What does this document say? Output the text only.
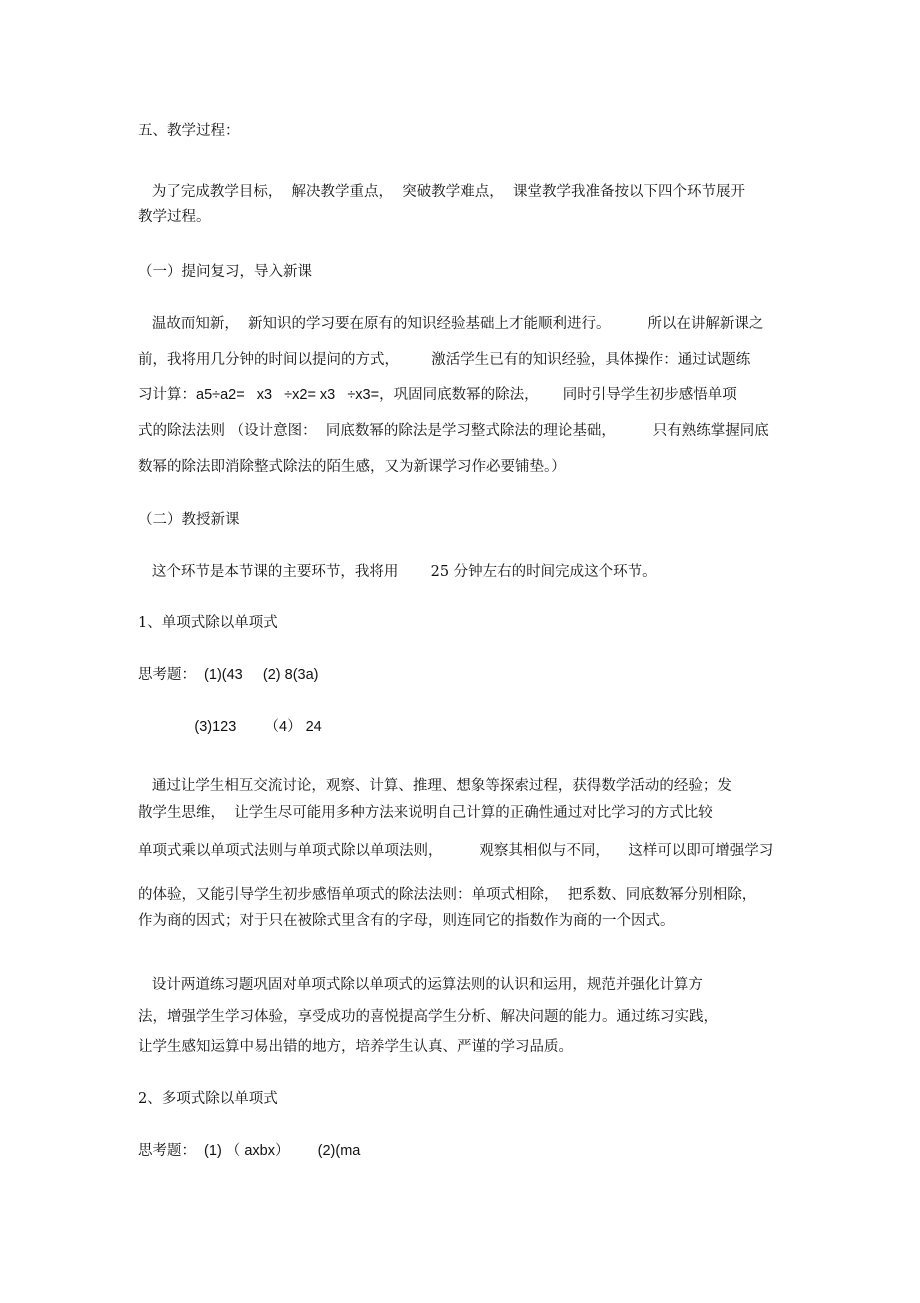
五、教学过程：

为了完成教学目标，  解决教学重点，  突破教学难点，  课堂教学我准备按以下四个环节展开

教学过程。

（一）提问复习，导入新课

温故而知新，  新知识的学习要在原有的知识经验基础上才能顺利进行。        所以在讲解新课之

前，我将用几分钟的时间以提问的方式，       激活学生已有的知识经验，具体操作：通过试题练

习计算：a5÷a2=   x3   ÷x2= x3   ÷x3=，巩固同底数幂的除法，      同时引导学生初步感悟单项

式的除法法则 （设计意图：  同底数幂的除法是学习整式除法的理论基础，        只有熟练掌握同底

数幂的除法即消除整式除法的陌生感，又为新课学习作必要铺垫。）

（二）教授新课

这个环节是本节课的主要环节，我将用       25 分钟左右的时间完成这个环节。

1、单项式除以单项式

思考题：  (1)(43     (2) 8(3a)

(3)123       （4） 24

通过让学生相互交流讨论，观察、计算、推理、想象等探索过程，获得数学活动的经验；发

散学生思维，  让学生尽可能用多种方法来说明自己计算的正确性通过对比学习的方式比较

单项式乘以单项式法则与单项式除以单项法则，        观察其相似与不同，    这样可以即可增强学习

的体验，又能引导学生初步感悟单项式的除法法则：单项式相除，  把系数、同底数幂分别相除，

作为商的因式；对于只在被除式里含有的字母，则连同它的指数作为商的一个因式。

设计两道练习题巩固对单项式除以单项式的运算法则的认识和运用，规范并强化计算方

法，增强学生学习体验，享受成功的喜悦提高学生分析、解决问题的能力。通过练习实践，

让学生感知运算中易出错的地方，培养学生认真、严谨的学习品质。

2、多项式除以单项式

思考题：  (1) （ axbx）       (2)(ma
